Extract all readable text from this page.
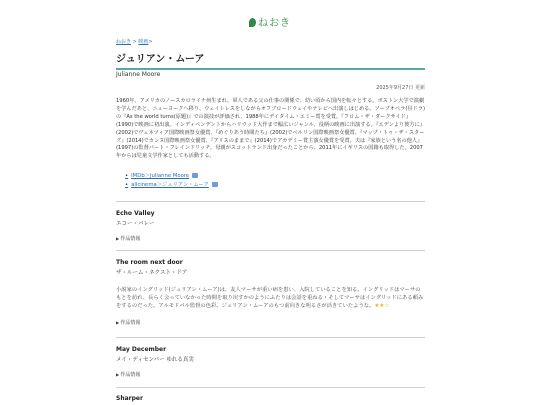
ねおき
ねおき > 映画>
ジュリアン・ムーア
Julianne Moore
2025年9月27日 更新

1960年、アメリカのノースカロライナ州生まれ。軍人である父の仕事の関係で、幼い頃から国内を転々とする。ボストン大学で演劇を学んだあと、ニューヨークへ移り、ウェイトレスをしながらオフブロードウェイやテレビへ出演しはじめる。ソープオペラ(昼ドラ)の『As the world turns(原題)』での演技が評価され、1988年にデイタイム・エミー賞を受賞。『フロム・ザ・ダークサイド』(1990)で映画に初出演。インディペンデントからハリウッド大作まで幅広いジャンル、役柄の映画に出演する。『エデンより彼方に』(2002)でヴェネツィア国際映画祭女優賞、『めぐりあう時間たち』(2002)でベルリン国際映画祭女優賞、『マップ・トゥ・ザ・スターズ』(2014)でカンヌ国際映画祭女優賞、『アリスのままで』(2014)でアカデミー賞主演女優賞を受賞。夫は『家族という名の他人』(1997)の監督バート・フレインドリッチ。母親がスコットランド出身だったことから、2011年にイギリスの国籍も取得した。2007年からは児童文学作家としても活動する。

• IMDb＞Julianne Moore
• allcinema＞ジュリアン・ムーア
Echo Valley
エコー・バレー
▶ 作品情報
The room next door
ザ・ルーム・ネクスト・ドア

小説家のイングリッド(ジュリアン・ムーア)は、友人マーサが重い病を患い、入院していることを知る。イングリッドはマーサのもとを訪れ、長らく会っていなかった時間を取り戻すかのようにふたりは会話を重ねる・そしてマーサはイングリッドにある頼みをするのだった。アルモドバル監督の色彩。ジュリアン・ムーアのもつ前向きな明るさが活きていたような。★★☆

▶ 作品情報
May December
メイ・ディセンバー ゆれる真実
▶ 作品情報
Sharper
